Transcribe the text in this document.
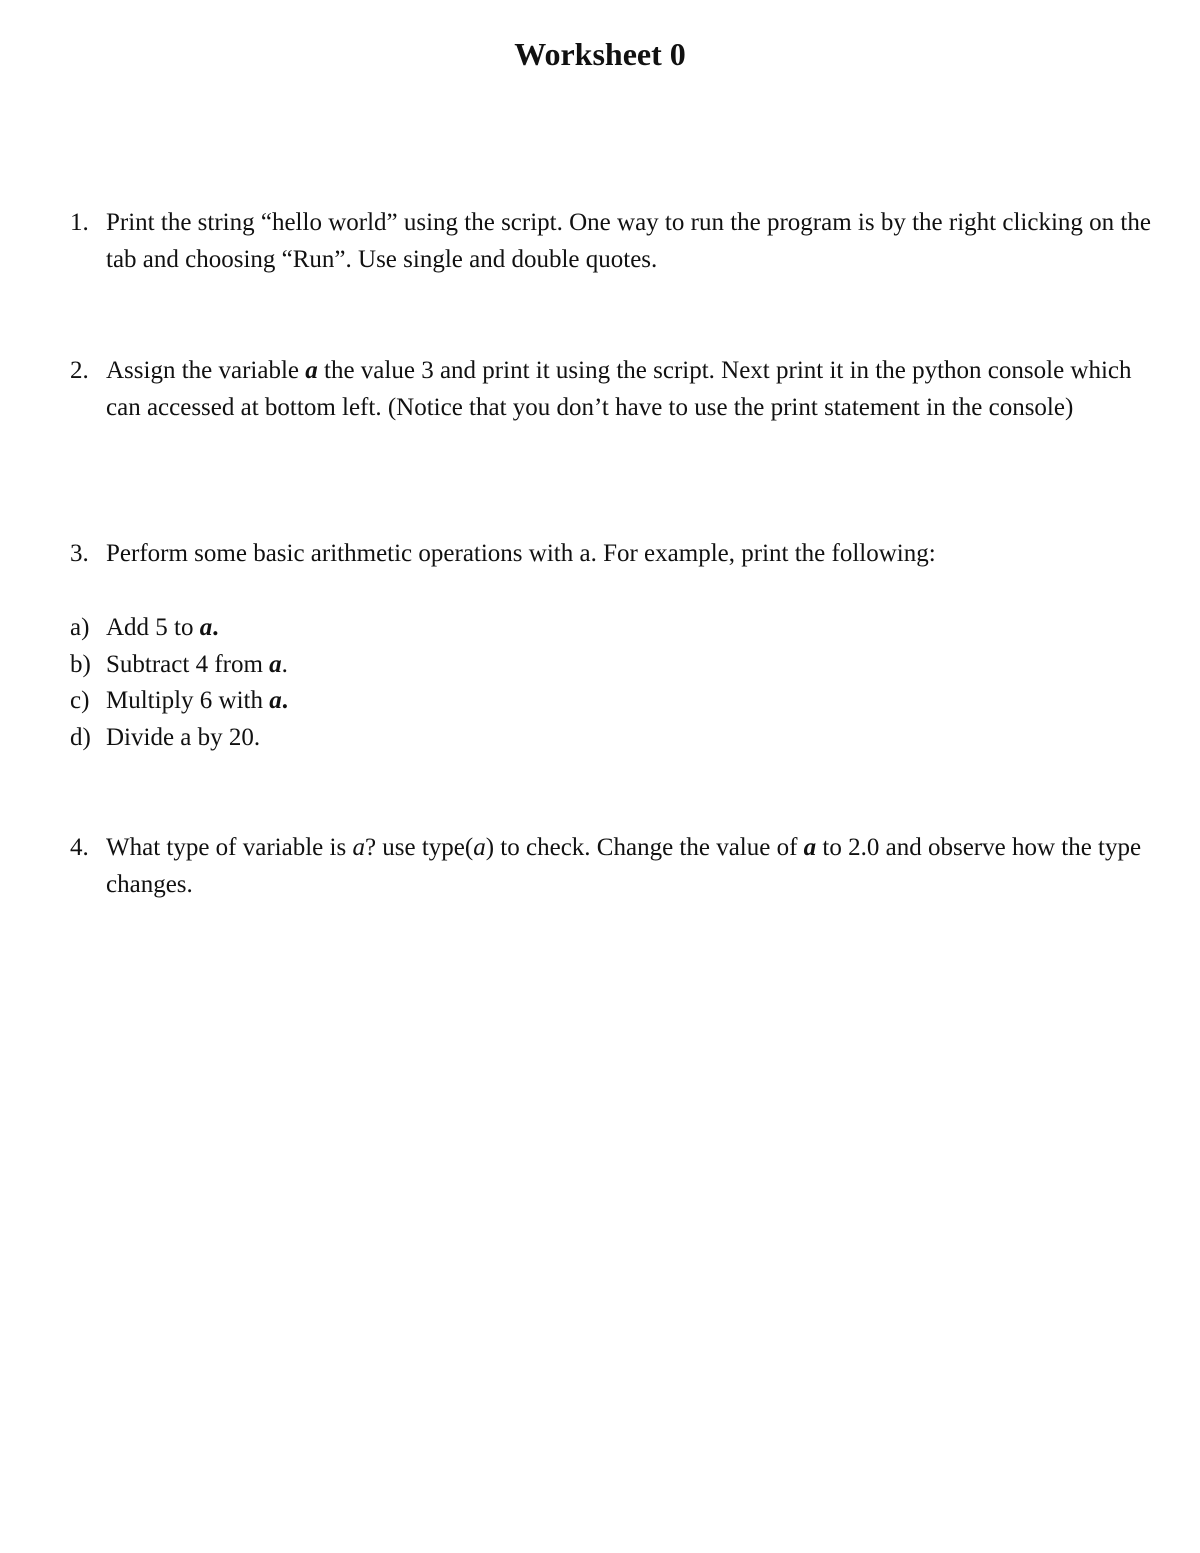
Worksheet 0
1. Print the string “hello world” using the script. One way to run the program is by the right clicking on the tab and choosing “Run”. Use single and double quotes.
2. Assign the variable a the value 3 and print it using the script. Next print it in the python console which can accessed at bottom left. (Notice that you don’t have to use the print statement in the console)
3. Perform some basic arithmetic operations with a. For example, print the following:
a) Add 5 to a.
b) Subtract 4 from a.
c) Multiply 6 with a.
d) Divide a by 20.
4. What type of variable is a? use type(a) to check. Change the value of a to 2.0 and observe how the type changes.
